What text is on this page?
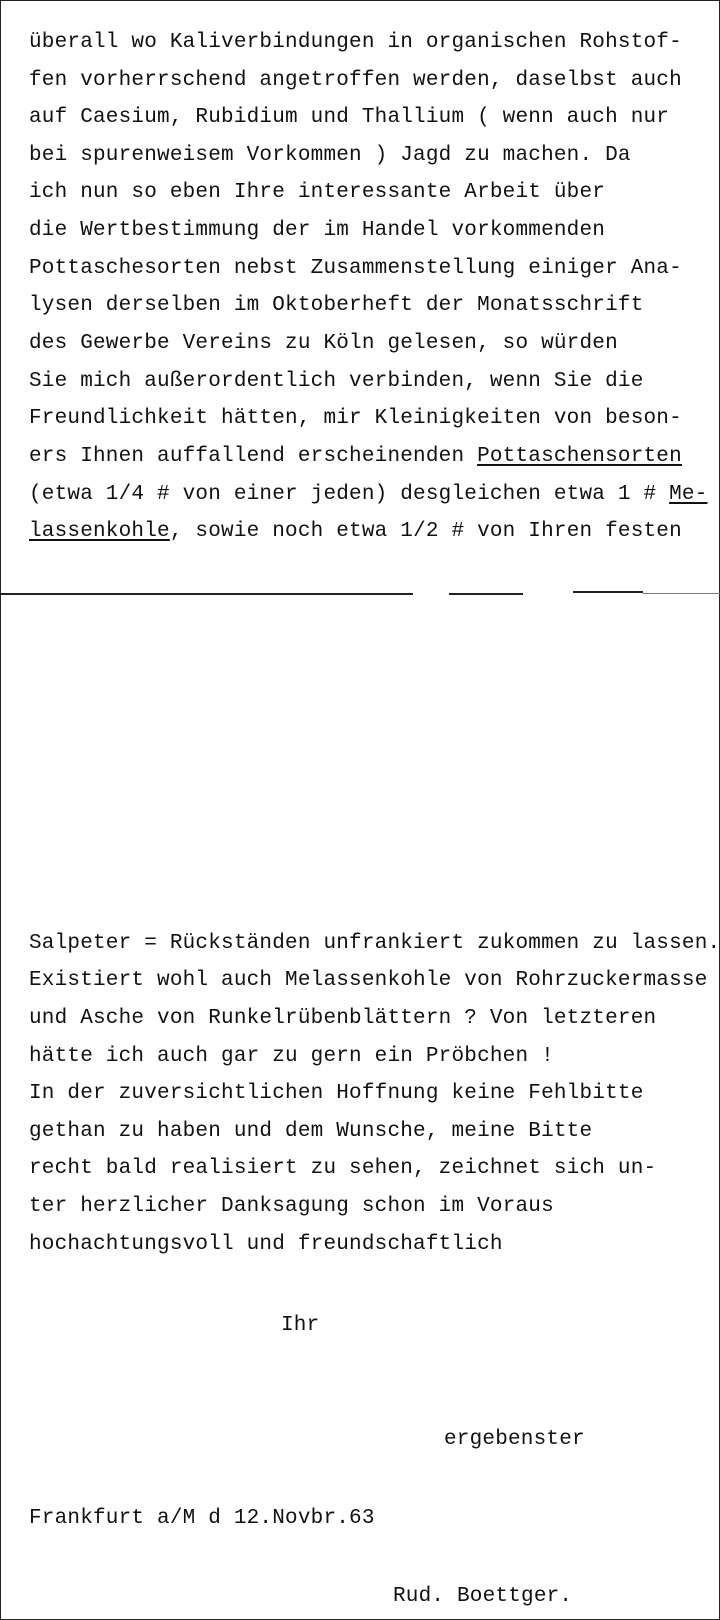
überall wo Kaliverbindungen in organischen Rohstof-
fen vorherrschend angetroffen werden, daselbst auch
auf Caesium, Rubidium und Thallium ( wenn auch nur
bei spurenweisem Vorkommen ) Jagd zu machen. Da
ich nun so eben Ihre interessante Arbeit über
die Wertbestimmung der im Handel vorkommenden
Pottaschesorten nebst Zusammenstellung einiger Ana-
lysen derselben im Oktoberheft der Monatsschrift
des Gewerbe Vereins zu Köln gelesen, so würden
Sie mich außerordentlich verbinden, wenn Sie die
Freundlichkeit hätten, mir Kleinigkeiten von beson-
ers Ihnen auffallend erscheinenden Pottaschensorten
(etwa 1/4 # von einer jeden) desgleichen etwa 1 # Me-
lassenkohle, sowie noch etwa 1/2 # von Ihren festen
Salpeter = Rückständen unfrankiert zukommen zu lassen.
Existiert wohl auch Melassenkohle von Rohrzuckermasse
und Asche von Runkelrübenblättern ? Von letzteren
hätte ich auch gar zu gern ein Pröbchen !
In der zuversichtlichen Hoffnung keine Fehlbitte
gethan zu haben und dem Wunsche, meine Bitte
recht bald realisiert zu sehen, zeichnet sich un-
ter herzlicher Danksagung schon im Voraus
hochachtungsvoll und freundschaftlich
Ihr
ergebenster
Frankfurt a/M d 12.Novbr.63
Rud. Boettger.
